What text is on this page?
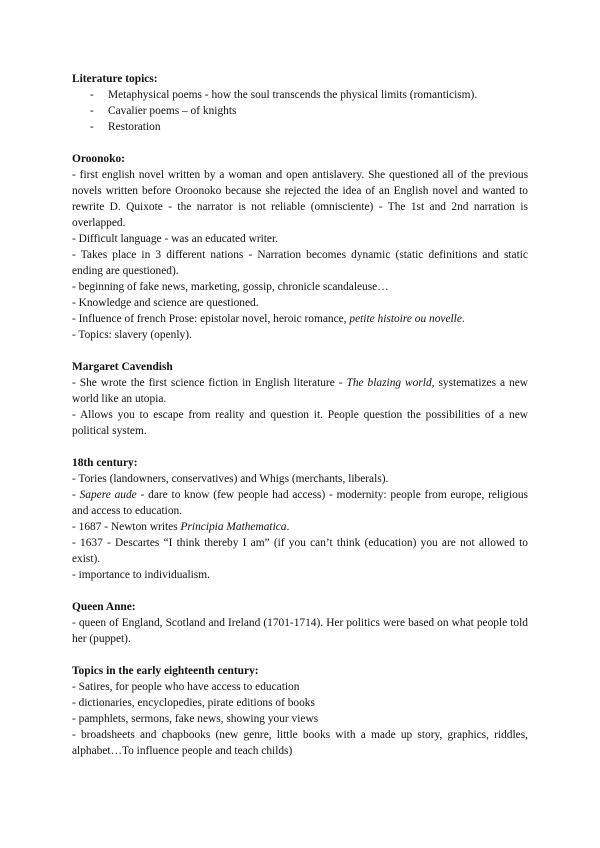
Literature topics:
- Metaphysical poems - how the soul transcends the physical limits (romanticism).
- Cavalier poems – of knights
- Restoration
Oroonoko:
- first english novel written by a woman and open antislavery. She questioned all of the previous novels written before Oroonoko because she rejected the idea of an English novel and wanted to rewrite D. Quixote - the narrator is not reliable (omnisciente) - The 1st and 2nd narration is overlapped.
- Difficult language - was an educated writer.
- Takes place in 3 different nations - Narration becomes dynamic (static definitions and static ending are questioned).
- beginning of fake news, marketing, gossip, chronicle scandaleuse…
- Knowledge and science are questioned.
- Influence of french Prose: epistolar novel, heroic romance, petite histoire ou novelle.
- Topics: slavery (openly).
Margaret Cavendish
- She wrote the first science fiction in English literature - The blazing world, systematizes a new world like an utopia.
- Allows you to escape from reality and question it. People question the possibilities of a new political system.
18th century:
- Tories (landowners, conservatives) and Whigs (merchants, liberals).
- Sapere aude - dare to know (few people had access) - modernity: people from europe, religious and access to education.
- 1687 - Newton writes Principia Mathematica.
- 1637 - Descartes “I think thereby I am” (if you can’t think (education) you are not allowed to exist).
- importance to individualism.
Queen Anne:
- queen of England, Scotland and Ireland (1701-1714). Her politics were based on what people told her (puppet).
Topics in the early eighteenth century:
- Satires, for people who have access to education
- dictionaries, encyclopedies, pirate editions of books
- pamphlets, sermons, fake news, showing your views
- broadsheets and chapbooks (new genre, little books with a made up story, graphics, riddles, alphabet…To influence people and teach childs)
